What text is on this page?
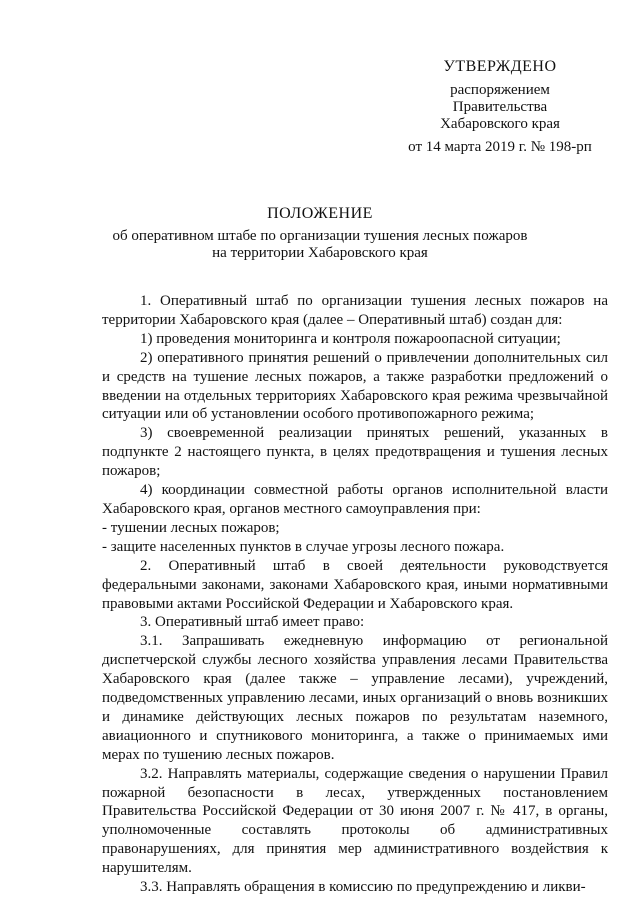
УТВЕРЖДЕНО
распоряжением
Правительства
Хабаровского края
от 14 марта 2019 г. № 198-рп
ПОЛОЖЕНИЕ
об оперативном штабе по организации тушения лесных пожаров
на территории Хабаровского края

1. Оперативный штаб по организации тушения лесных пожаров на территории Хабаровского края (далее – Оперативный штаб) создан для:

1) проведения мониторинга и контроля пожароопасной ситуации;

2) оперативного принятия решений о привлечении дополнительных сил и средств на тушение лесных пожаров, а также разработки предложений о введении на отдельных территориях Хабаровского края режима чрезвычайной ситуации или об установлении особого противопожарного режима;

3) своевременной реализации принятых решений, указанных в подпункте 2 настоящего пункта, в целях предотвращения и тушения лесных пожаров;

4) координации совместной работы органов исполнительной власти Хабаровского края, органов местного самоуправления при:

- тушении лесных пожаров;

- защите населенных пунктов в случае угрозы лесного пожара.

2. Оперативный штаб в своей деятельности руководствуется федеральными законами, законами Хабаровского края, иными нормативными правовыми актами Российской Федерации и Хабаровского края.

3. Оперативный штаб имеет право:

3.1. Запрашивать ежедневную информацию от региональной диспетчерской службы лесного хозяйства управления лесами Правительства Хабаровского края (далее также – управление лесами), учреждений, подведомственных управлению лесами, иных организаций о вновь возникших и динамике действующих лесных пожаров по результатам наземного, авиационного и спутникового мониторинга, а также о принимаемых ими мерах по тушению лесных пожаров.

3.2. Направлять материалы, содержащие сведения о нарушении Правил пожарной безопасности в лесах, утвержденных постановлением Правительства Российской Федерации от 30 июня 2007 г. № 417, в органы, уполномоченные составлять протоколы об административных правонарушениях, для принятия мер административного воздействия к нарушителям.

3.3. Направлять обращения в комиссию по предупреждению и ликви-
